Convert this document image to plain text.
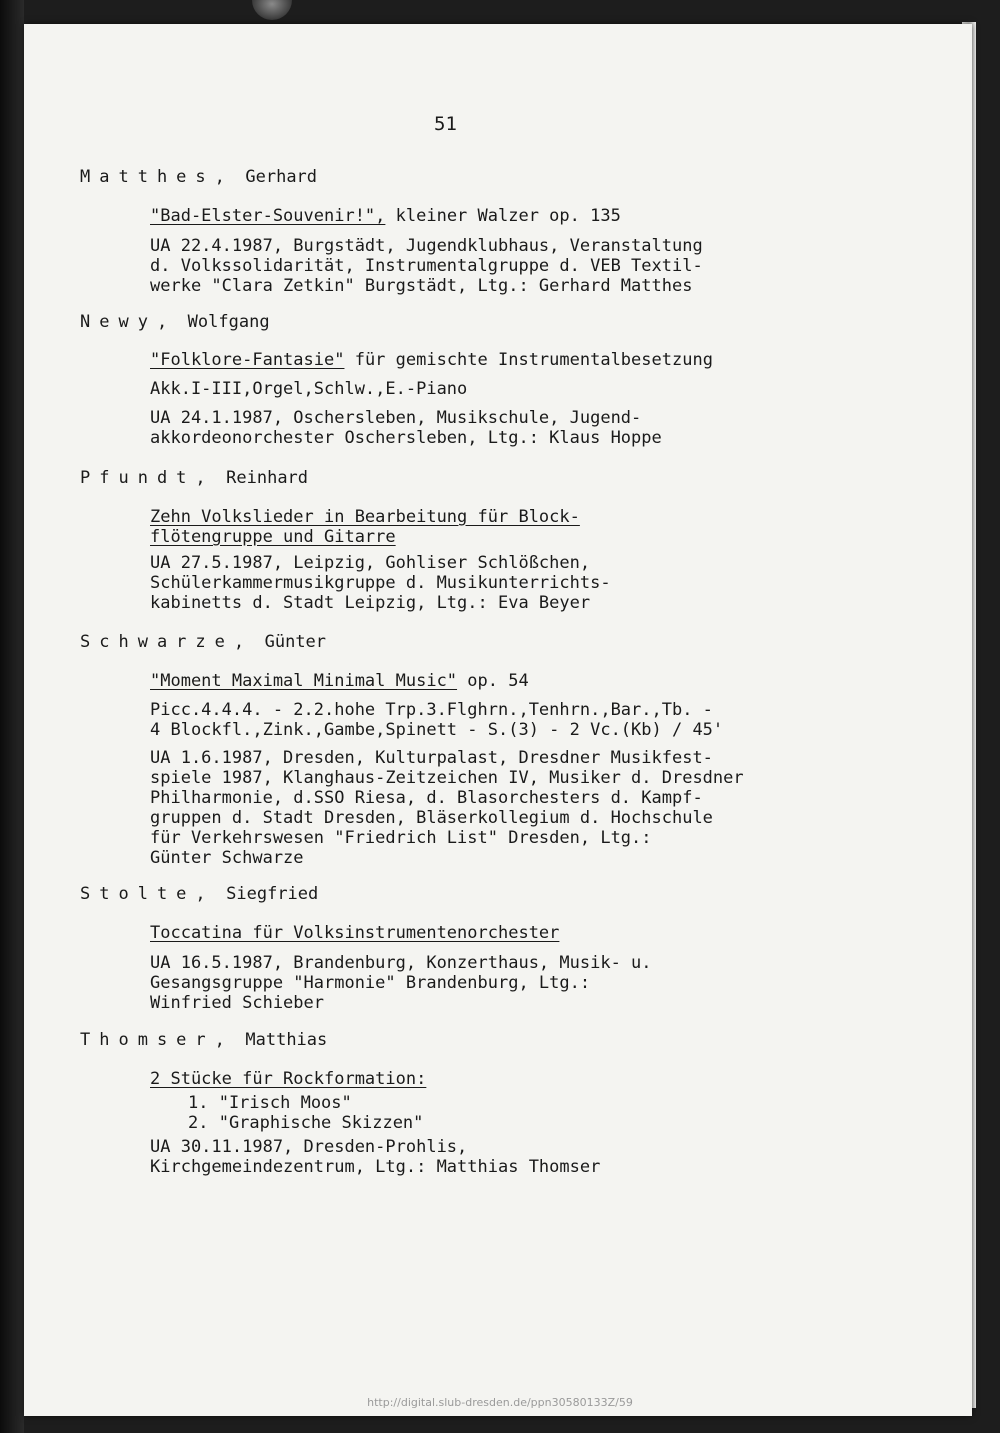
51
Matthes,  Gerhard
"Bad-Elster-Souvenir!", kleiner Walzer op. 135
UA 22.4.1987, Burgstädt, Jugendklubhaus, Veranstaltung
d. Volkssolidarität, Instrumentalgruppe d. VEB Textil-
werke "Clara Zetkin" Burgstädt, Ltg.: Gerhard Matthes
Newy,  Wolfgang
"Folklore-Fantasie" für gemischte Instrumentalbesetzung
Akk.I-III,Orgel,Schlw.,E.-Piano
UA 24.1.1987, Oschersleben, Musikschule, Jugend-
akkordeonorchester Oschersleben, Ltg.: Klaus Hoppe
Pfundt,  Reinhard
Zehn Volkslieder in Bearbeitung für Block-
flötengruppe und Gitarre
UA 27.5.1987, Leipzig, Gohliser Schlößchen,
Schülerkammermusikgruppe d. Musikunterrichts-
kabinetts d. Stadt Leipzig, Ltg.: Eva Beyer
Schwarze,  Günter
"Moment Maximal Minimal Music" op. 54
Picc.4.4.4. - 2.2.hohe Trp.3.Flghrn.,Tenhrn.,Bar.,Tb. -
4 Blockfl.,Zink.,Gambe,Spinett - S.(3) - 2 Vc.(Kb) / 45'
UA 1.6.1987, Dresden, Kulturpalast, Dresdner Musikfest-
spiele 1987, Klanghaus-Zeitzeichen IV, Musiker d. Dresdner
Philharmonie, d.SSO Riesa, d. Blasorchesters d. Kampf-
gruppen d. Stadt Dresden, Bläserkollegium d. Hochschule
für Verkehrswesen "Friedrich List" Dresden, Ltg.:
Günter Schwarze
Stolte,  Siegfried
Toccatina für Volksinstrumentenorchester
UA 16.5.1987, Brandenburg, Konzerthaus, Musik- u.
Gesangsgruppe "Harmonie" Brandenburg, Ltg.:
Winfried Schieber
Thomser,  Matthias
2 Stücke für Rockformation:
1. "Irisch Moos"
2. "Graphische Skizzen"
UA 30.11.1987, Dresden-Prohlis,
Kirchgemeindezentrum, Ltg.: Matthias Thomser
http://digital.slub-dresden.de/ppn30580133Z/59
